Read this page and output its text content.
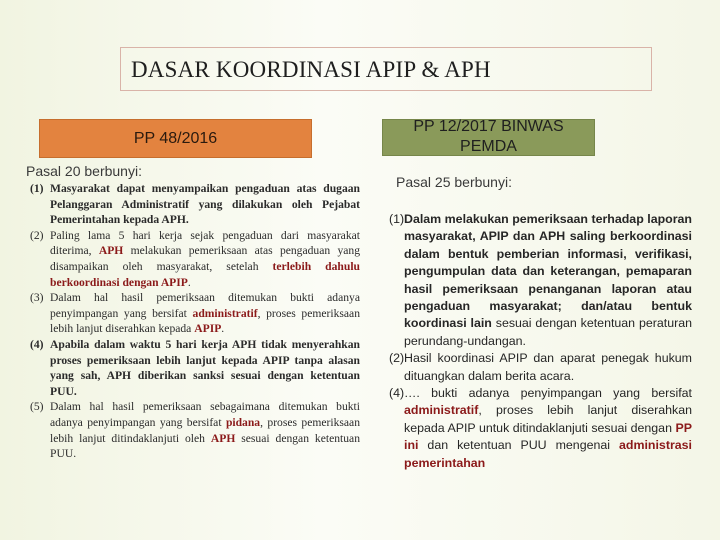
DASAR KOORDINASI APIP & APH
PP 48/2016
PP 12/2017 BINWAS PEMDA
Pasal 20 berbunyi:
Pasal 25 berbunyi:
(1) Masyarakat dapat menyampaikan pengaduan atas dugaan Pelanggaran Administratif yang dilakukan oleh Pejabat Pemerintahan kepada APH.
(2) Paling lama 5 hari kerja sejak pengaduan dari masyarakat diterima, APH melakukan pemeriksaan atas pengaduan yang disampaikan oleh masyarakat, setelah terlebih dahulu berkoordinasi dengan APIP.
(3) Dalam hal hasil pemeriksaan ditemukan bukti adanya penyimpangan yang bersifat administratif, proses pemeriksaan lebih lanjut diserahkan kepada APIP.
(4) Apabila dalam waktu 5 hari kerja APH tidak menyerahkan proses pemeriksaan lebih lanjut kepada APIP tanpa alasan yang sah, APH diberikan sanksi sesuai dengan ketentuan PUU.
(5) Dalam hal hasil pemeriksaan sebagaimana ditemukan bukti adanya penyimpangan yang bersifat pidana, proses pemeriksaan lebih lanjut ditindaklanjuti oleh APH sesuai dengan ketentuan PUU.
(1) Dalam melakukan pemeriksaan terhadap laporan masyarakat, APIP dan APH saling berkoordinasi dalam bentuk pemberian informasi, verifikasi, pengumpulan data dan keterangan, pemaparan hasil pemeriksaan penanganan laporan atau pengaduan masyarakat; dan/atau bentuk koordinasi lain sesuai dengan ketentuan peraturan perundang-undangan.
(2) Hasil koordinasi APIP dan aparat penegak hukum dituangkan dalam berita acara.
(4) …. bukti adanya penyimpangan yang bersifat administratif, proses lebih lanjut diserahkan kepada APIP untuk ditindaklanjuti sesuai dengan PP ini dan ketentuan PUU mengenai administrasi pemerintahan
